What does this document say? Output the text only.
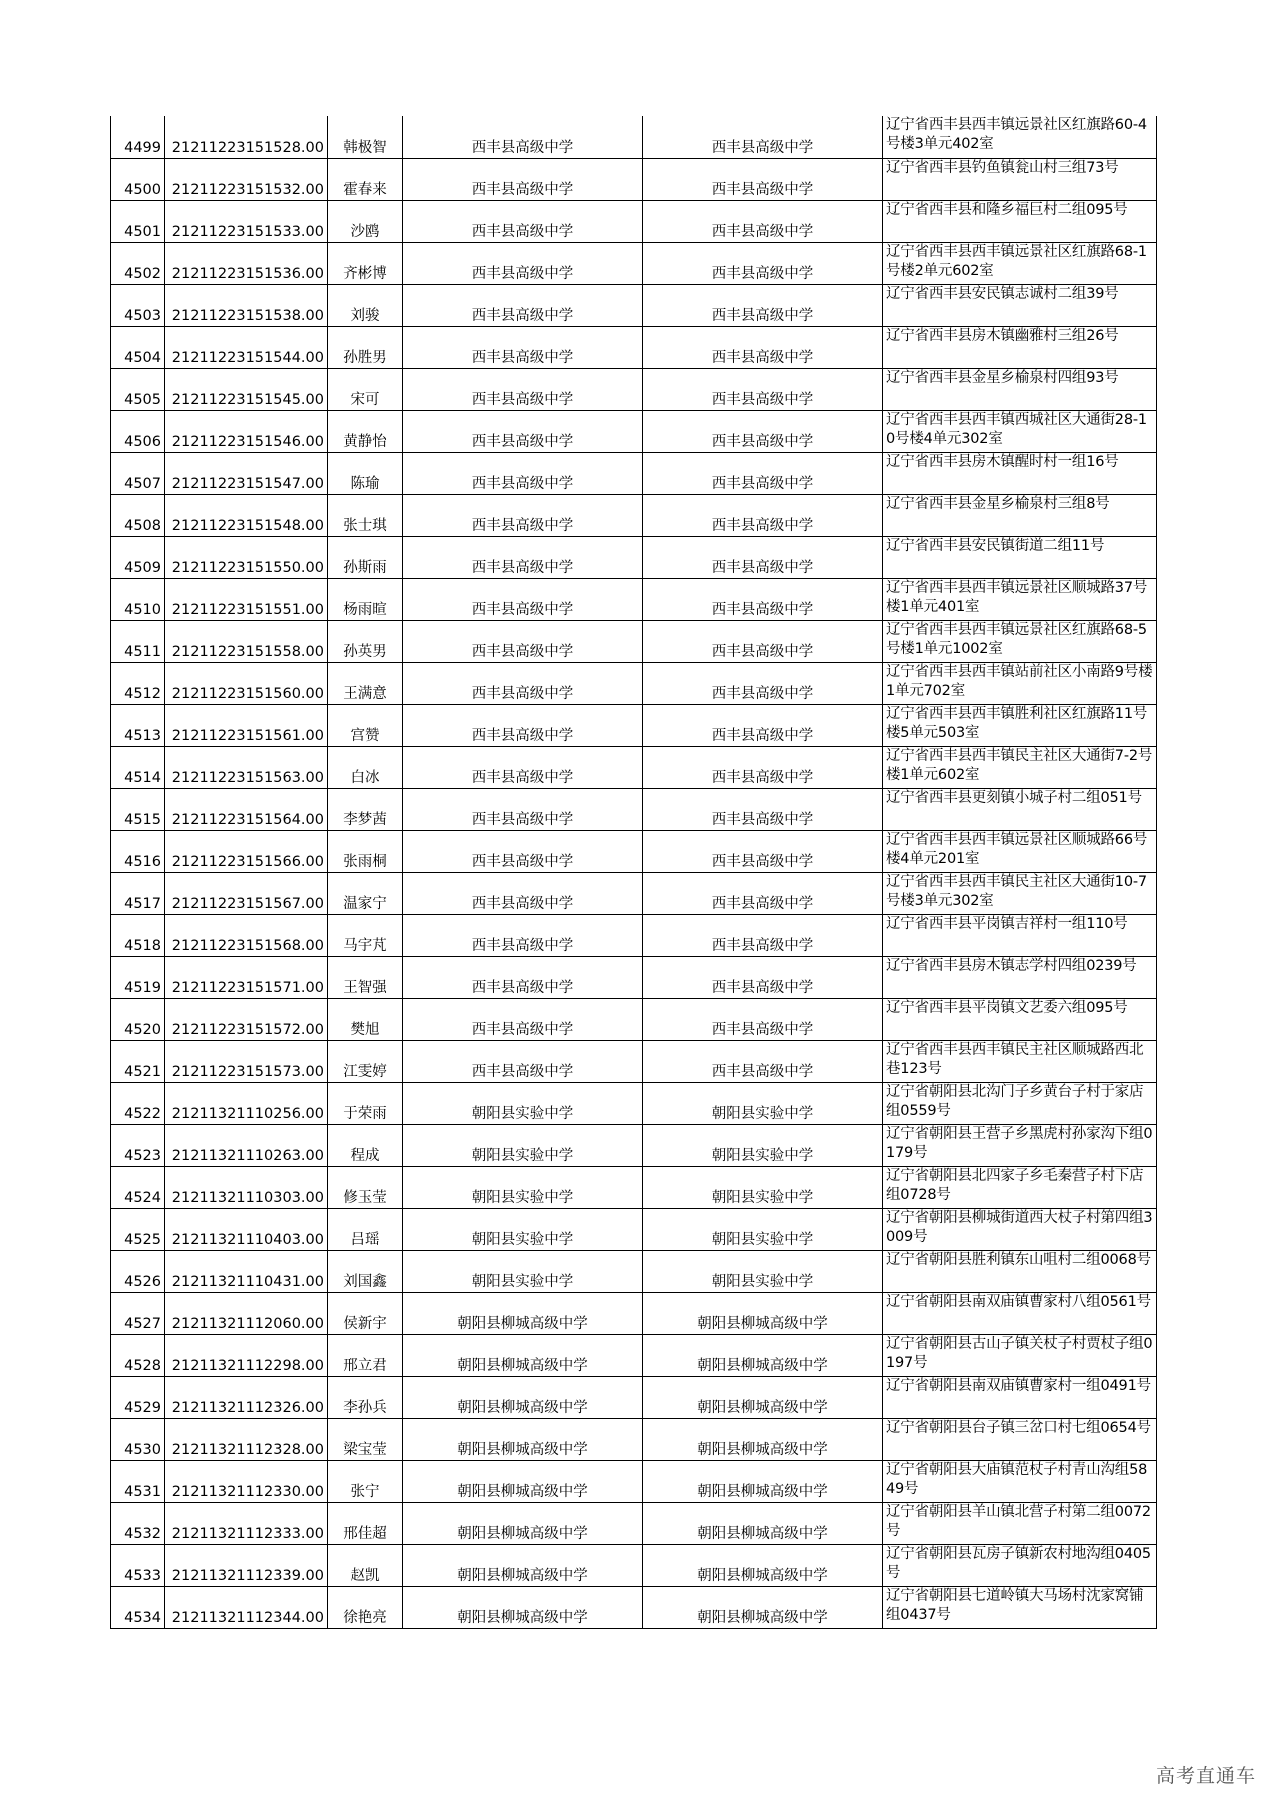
4499	21211223151528.00	韩极智	西丰县高级中学	西丰县高级中学	辽宁省西丰县西丰镇远景社区红旗路60-4号楼3单元402室
4500	21211223151532.00	霍春来	西丰县高级中学	西丰县高级中学	辽宁省西丰县钓鱼镇瓮山村三组73号
4501	21211223151533.00	沙鸥	西丰县高级中学	西丰县高级中学	辽宁省西丰县和隆乡福巨村二组095号
4502	21211223151536.00	齐彬博	西丰县高级中学	西丰县高级中学	辽宁省西丰县西丰镇远景社区红旗路68-1号楼2单元602室
4503	21211223151538.00	刘骏	西丰县高级中学	西丰县高级中学	辽宁省西丰县安民镇志诚村二组39号
4504	21211223151544.00	孙胜男	西丰县高级中学	西丰县高级中学	辽宁省西丰县房木镇幽雅村三组26号
4505	21211223151545.00	宋可	西丰县高级中学	西丰县高级中学	辽宁省西丰县金星乡榆泉村四组93号
4506	21211223151546.00	黄静怡	西丰县高级中学	西丰县高级中学	辽宁省西丰县西丰镇西城社区大通街28-10号楼4单元302室
4507	21211223151547.00	陈瑜	西丰县高级中学	西丰县高级中学	辽宁省西丰县房木镇醒时村一组16号
4508	21211223151548.00	张士琪	西丰县高级中学	西丰县高级中学	辽宁省西丰县金星乡榆泉村三组8号
4509	21211223151550.00	孙斯雨	西丰县高级中学	西丰县高级中学	辽宁省西丰县安民镇街道二组11号
4510	21211223151551.00	杨雨暄	西丰县高级中学	西丰县高级中学	辽宁省西丰县西丰镇远景社区顺城路37号楼1单元401室
4511	21211223151558.00	孙英男	西丰县高级中学	西丰县高级中学	辽宁省西丰县西丰镇远景社区红旗路68-5号楼1单元1002室
4512	21211223151560.00	王满意	西丰县高级中学	西丰县高级中学	辽宁省西丰县西丰镇站前社区小南路9号楼1单元702室
4513	21211223151561.00	宫赞	西丰县高级中学	西丰县高级中学	辽宁省西丰县西丰镇胜利社区红旗路11号楼5单元503室
4514	21211223151563.00	白冰	西丰县高级中学	西丰县高级中学	辽宁省西丰县西丰镇民主社区大通街7-2号楼1单元602室
4515	21211223151564.00	李梦茜	西丰县高级中学	西丰县高级中学	辽宁省西丰县更刻镇小城子村二组051号
4516	21211223151566.00	张雨桐	西丰县高级中学	西丰县高级中学	辽宁省西丰县西丰镇远景社区顺城路66号楼4单元201室
4517	21211223151567.00	温家宁	西丰县高级中学	西丰县高级中学	辽宁省西丰县西丰镇民主社区大通街10-7号楼3单元302室
4518	21211223151568.00	马宇芃	西丰县高级中学	西丰县高级中学	辽宁省西丰县平岗镇吉祥村一组110号
4519	21211223151571.00	王智强	西丰县高级中学	西丰县高级中学	辽宁省西丰县房木镇志学村四组0239号
4520	21211223151572.00	樊旭	西丰县高级中学	西丰县高级中学	辽宁省西丰县平岗镇文艺委六组095号
4521	21211223151573.00	江雯婷	西丰县高级中学	西丰县高级中学	辽宁省西丰县西丰镇民主社区顺城路西北巷123号
4522	21211321110256.00	于荣雨	朝阳县实验中学	朝阳县实验中学	辽宁省朝阳县北沟门子乡黄台子村于家店组0559号
4523	21211321110263.00	程成	朝阳县实验中学	朝阳县实验中学	辽宁省朝阳县王营子乡黑虎村孙家沟下组0179号
4524	21211321110303.00	修玉莹	朝阳县实验中学	朝阳县实验中学	辽宁省朝阳县北四家子乡毛秦营子村下店组0728号
4525	21211321110403.00	吕瑶	朝阳县实验中学	朝阳县实验中学	辽宁省朝阳县柳城街道西大杖子村第四组3009号
4526	21211321110431.00	刘国鑫	朝阳县实验中学	朝阳县实验中学	辽宁省朝阳县胜利镇东山咀村二组0068号
4527	21211321112060.00	侯新宇	朝阳县柳城高级中学	朝阳县柳城高级中学	辽宁省朝阳县南双庙镇曹家村八组0561号
4528	21211321112298.00	邢立君	朝阳县柳城高级中学	朝阳县柳城高级中学	辽宁省朝阳县古山子镇关杖子村贾杖子组0197号
4529	21211321112326.00	李孙兵	朝阳县柳城高级中学	朝阳县柳城高级中学	辽宁省朝阳县南双庙镇曹家村一组0491号
4530	21211321112328.00	梁宝莹	朝阳县柳城高级中学	朝阳县柳城高级中学	辽宁省朝阳县台子镇三岔口村七组0654号
4531	21211321112330.00	张宁	朝阳县柳城高级中学	朝阳县柳城高级中学	辽宁省朝阳县大庙镇范杖子村青山沟组5849号
4532	21211321112333.00	邢佳超	朝阳县柳城高级中学	朝阳县柳城高级中学	辽宁省朝阳县羊山镇北营子村第二组0072号
4533	21211321112339.00	赵凯	朝阳县柳城高级中学	朝阳县柳城高级中学	辽宁省朝阳县瓦房子镇新农村地沟组0405号
4534	21211321112344.00	徐艳亮	朝阳县柳城高级中学	朝阳县柳城高级中学	辽宁省朝阳县七道岭镇大马场村沈家窝铺组0437号
高考直通车
